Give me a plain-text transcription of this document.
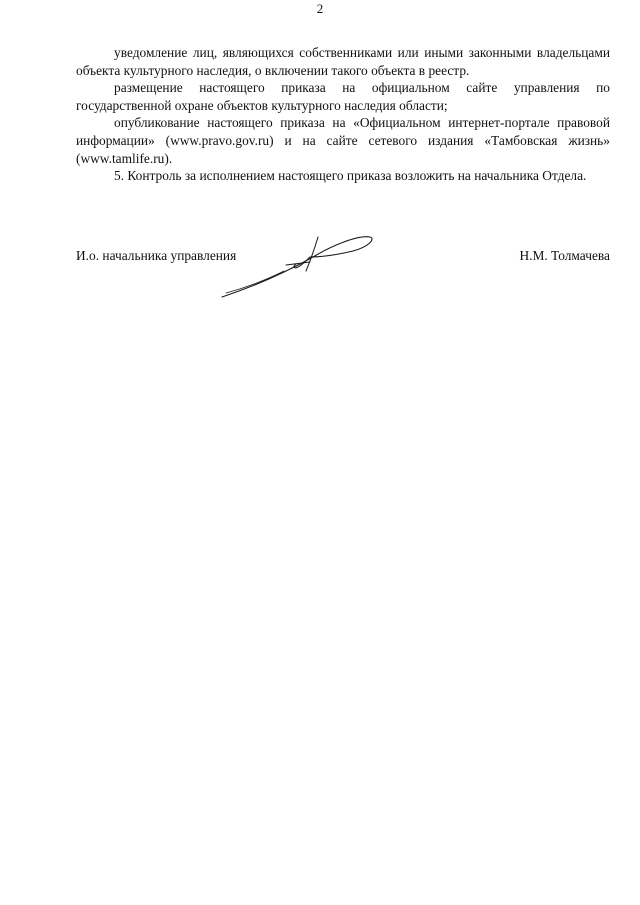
2

уведомление лиц, являющихся собственниками или иными законными владельцами объекта культурного наследия, о включении такого объекта в реестр.

размещение настоящего приказа на официальном сайте управления по государственной охране объектов культурного наследия области;

опубликование настоящего приказа на «Официальном интернет-портале правовой информации» (www.pravo.gov.ru) и на сайте сетевого издания «Тамбовская жизнь» (www.tamlife.ru).

5. Контроль за исполнением настоящего приказа возложить на начальника Отдела.

И.о. начальника управления	Н.М. Толмачева
